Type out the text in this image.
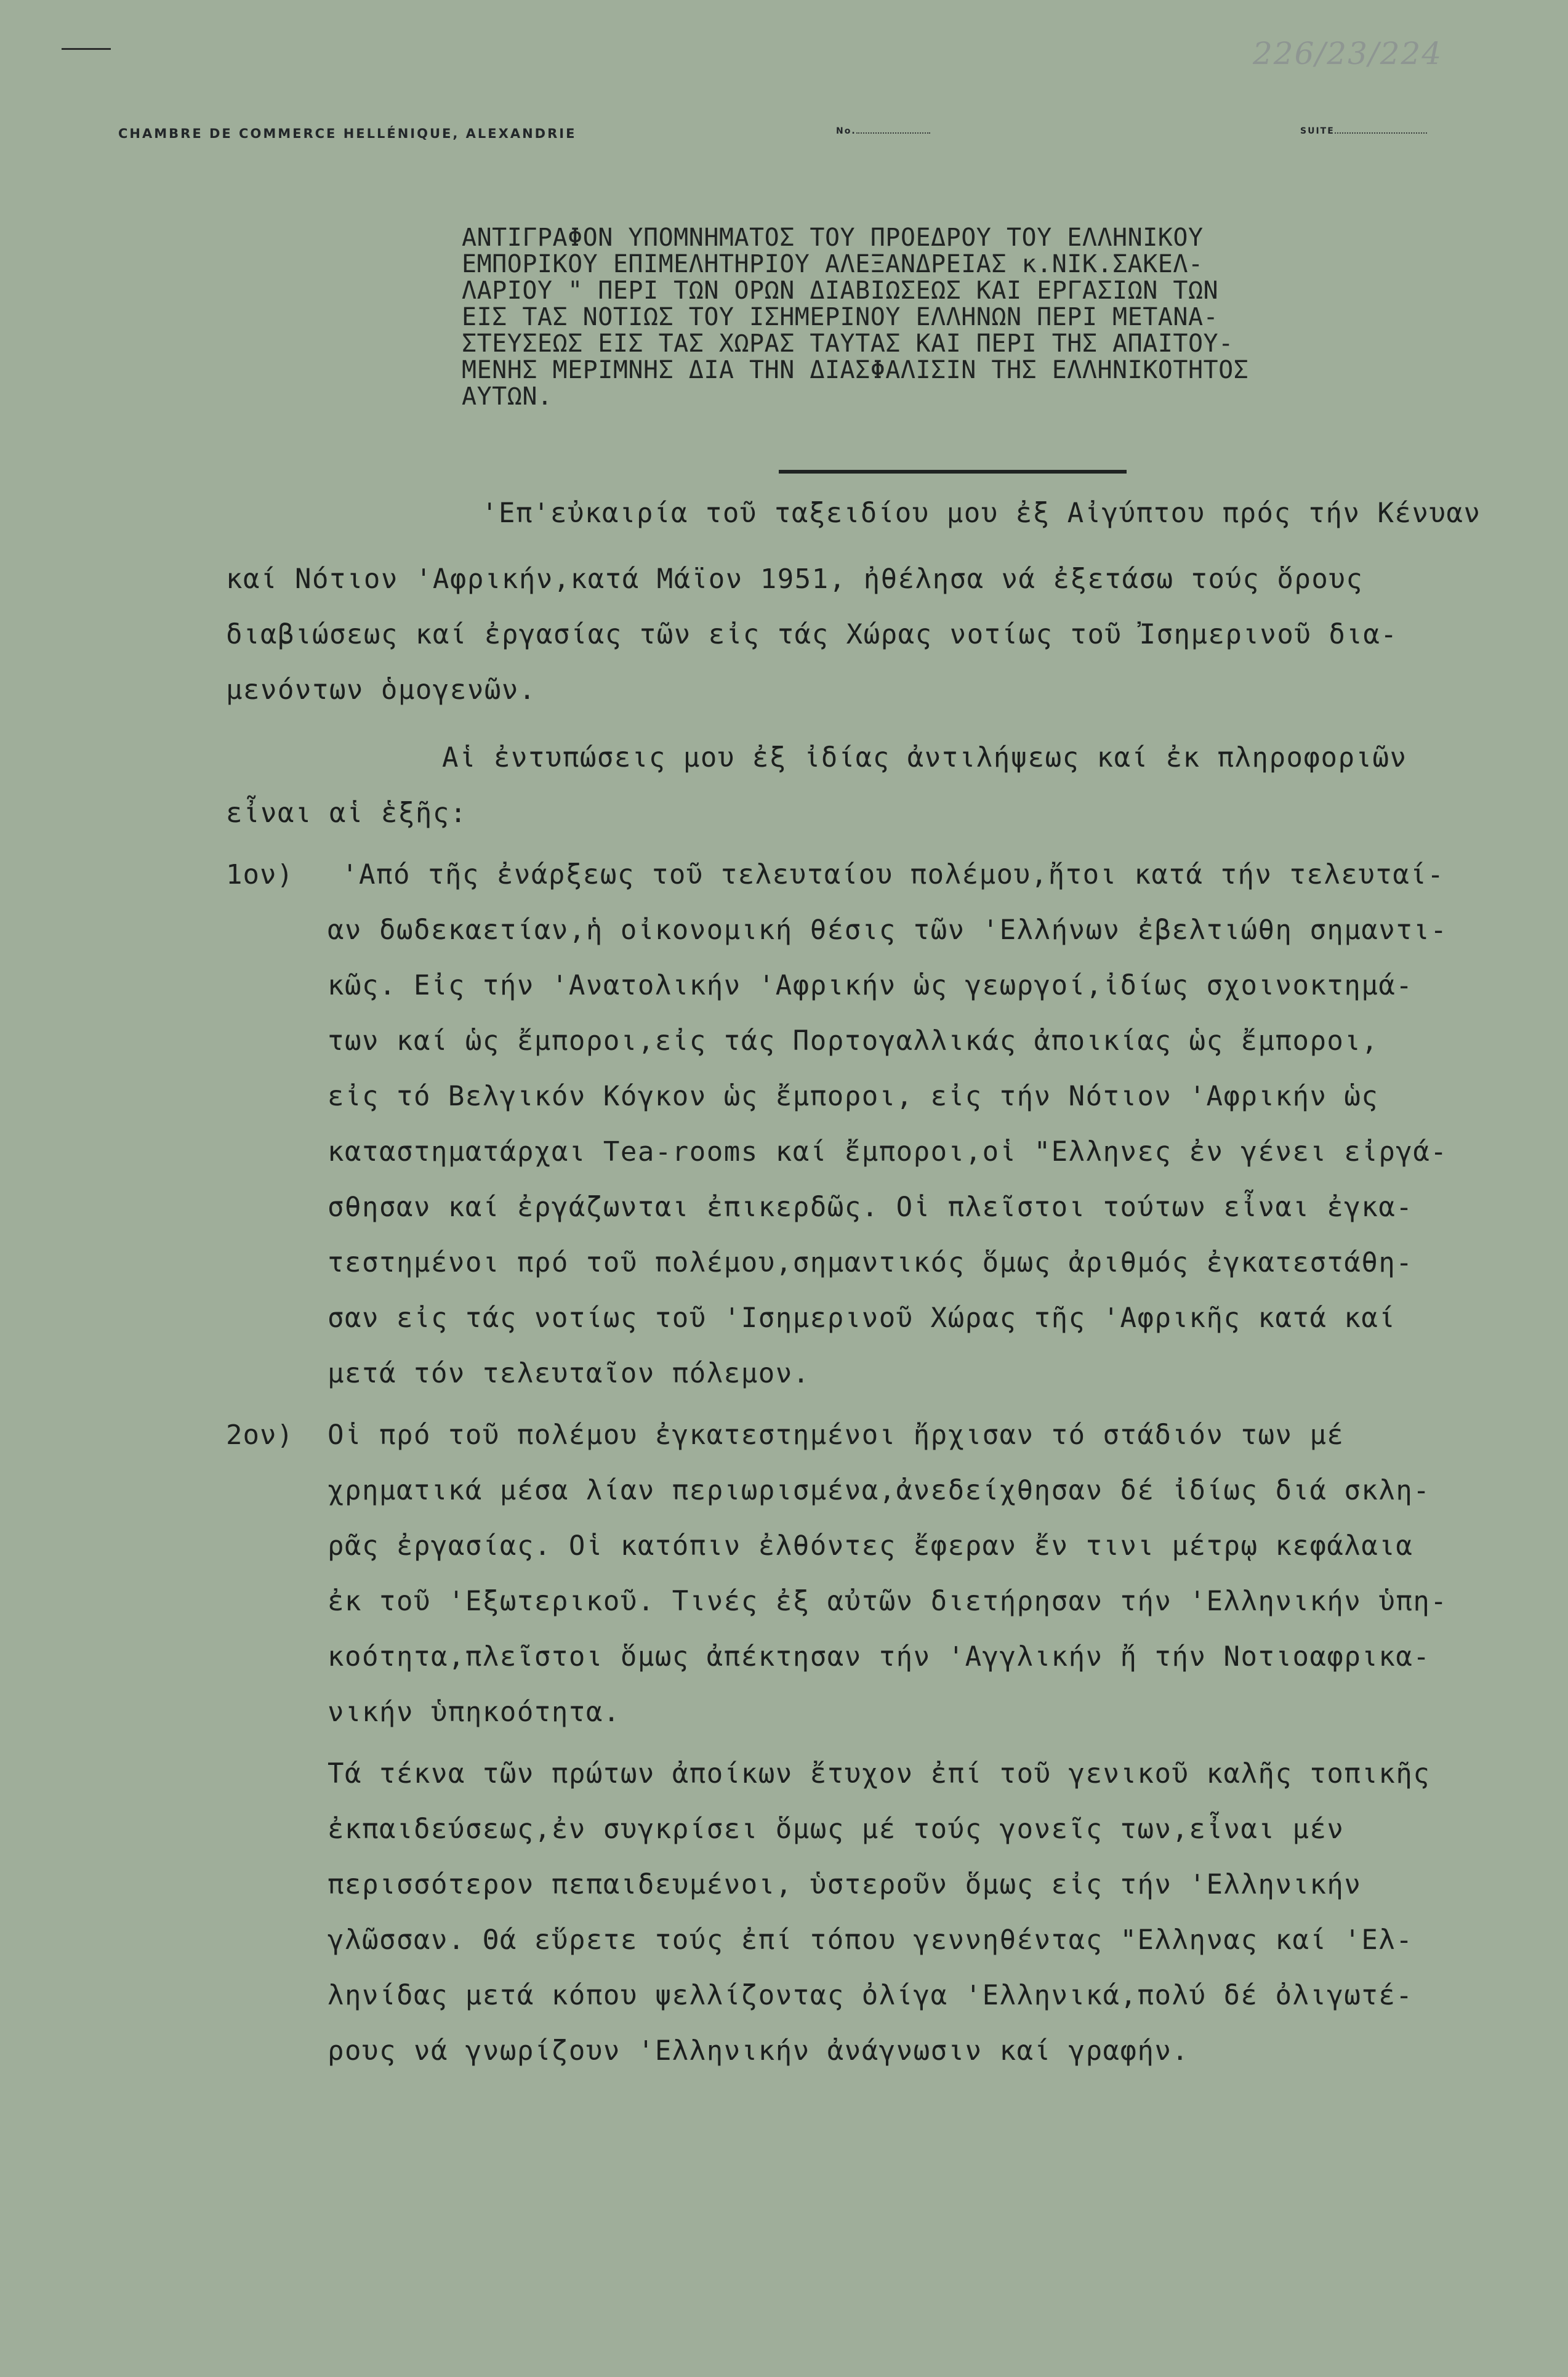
226/23/224
CHAMBRE DE COMMERCE HELLÉNIQUE, ALEXANDRIE	No.	SUITE
ΑΝΤΙΓΡΑΦΟΝ ΥΠΟΜΝΗΜΑΤΟΣ ΤΟΥ ΠΡΟΕΔΡΟΥ ΤΟΥ ΕΛΛΗΝΙΚΟΥ
ΕΜΠΟΡΙΚΟΥ ΕΠΙΜΕΛΗΤΗΡΙΟΥ ΑΛΕΞΑΝΔΡΕΙΑΣ κ.ΝΙΚ.ΣΑΚΕΛ-
ΛΑΡΙΟΥ " ΠΕΡΙ ΤΩΝ ΟΡΩΝ ΔΙΑΒΙΩΣΕΩΣ ΚΑΙ ΕΡΓΑΣΙΩΝ ΤΩΝ
ΕΙΣ ΤΑΣ ΝΟΤΙΩΣ ΤΟΥ ΙΣΗΜΕΡΙΝΟΥ ΕΛΛΗΝΩΝ ΠΕΡΙ ΜΕΤΑΝΑ-
ΣΤΕΥΣΕΩΣ ΕΙΣ ΤΑΣ ΧΩΡΑΣ ΤΑΥΤΑΣ ΚΑΙ ΠΕΡΙ ΤΗΣ ΑΠΑΙΤΟΥ-
ΜΕΝΗΣ ΜΕΡΙΜΝΗΣ ΔΙΑ ΤΗΝ ΔΙΑΣΦΑΛΙΣΙΝ ΤΗΣ ΕΛΛΗΝΙΚΟΤΗΤΟΣ
ΑΥΤΩΝ.
'Επ'εὐκαιρία τοῦ ταξειδίου μου ἐξ Αἰγύπτου πρός τήν Κένυαν
καί Νότιον 'Αφρικήν,κατά Μάϊον 1951, ἠθέλησα νά ἐξετάσω τούς ὅρους
διαβιώσεως καί ἐργασίας τῶν εἰς τάς Χώρας νοτίως τοῦ Ἰσημερινοῦ δια-
μενόντων ὁμογενῶν.
Αἱ ἐντυπώσεις μου ἐξ ἰδίας ἀντιλήψεως καί ἐκ πληροφοριῶν
εἶναι αἱ ἑξῆς:
1ον) 'Από τῆς ἐνάρξεως τοῦ τελευταίου πολέμου,ἤτοι κατά τήν τελευταί-
αν δωδεκαετίαν,ἡ οἰκονομική θέσις τῶν 'Ελλήνων ἐβελτιώθη σημαντι-
κῶς. Εἰς τήν 'Ανατολικήν 'Αφρικήν ὡς γεωργοί,ἰδίως σχοινοκτημά-
των καί ὡς ἔμποροι,εἰς τάς Πορτογαλλικάς ἀποικίας ὡς ἔμποροι,
εἰς τό Βελγικόν Κόγκον ὡς ἔμποροι, εἰς τήν Νότιον 'Αφρικήν ὡς
καταστηματάρχαι Tea-rooms καί ἔμποροι,οἱ "Ελληνες ἐν γένει εἰργά-
σθησαν καί ἐργάζωνται ἐπικερδῶς. Οἱ πλεῖστοι τούτων εἶναι ἐγκα-
τεστημένοι πρό τοῦ πολέμου,σημαντικός ὅμως ἀριθμός ἐγκατεστάθη-
σαν εἰς τάς νοτίως τοῦ 'Ισημερινοῦ Χώρας τῆς 'Αφρικῆς κατά καί
μετά τόν τελευταῖον πόλεμον.
2ον) Οἱ πρό τοῦ πολέμου ἐγκατεστημένοι ἤρχισαν τό στάδιόν των μέ
χρηματικά μέσα λίαν περιωρισμένα,ἀνεδείχθησαν δέ ἰδίως διά σκλη-
ρᾶς ἐργασίας. Οἱ κατόπιν ἐλθόντες ἔφεραν ἔν τινι μέτρῳ κεφάλαια
ἐκ τοῦ 'Εξωτερικοῦ. Τινές ἐξ αὐτῶν διετήρησαν τήν 'Ελληνικήν ὑπη-
κοότητα,πλεῖστοι ὅμως ἀπέκτησαν τήν 'Αγγλικήν ἤ τήν Νοτιοαφρικα-
νικήν ὑπηκοότητα.
Τά τέκνα τῶν πρώτων ἀποίκων ἔτυχον ἐπί τοῦ γενικοῦ καλῆς τοπικῆς
ἐκπαιδεύσεως,ἐν συγκρίσει ὅμως μέ τούς γονεῖς των,εἶναι μέν
περισσότερον πεπαιδευμένοι, ὑστεροῦν ὅμως εἰς τήν 'Ελληνικήν
γλῶσσαν. Θά εὕρετε τούς ἐπί τόπου γεννηθέντας "Ελληνας καί 'Ελ-
ληνίδας μετά κόπου ψελλίζοντας ὀλίγα 'Ελληνικά,πολύ δέ ὀλιγωτέ-
ρους νά γνωρίζουν 'Ελληνικήν ἀνάγνωσιν καί γραφήν.
